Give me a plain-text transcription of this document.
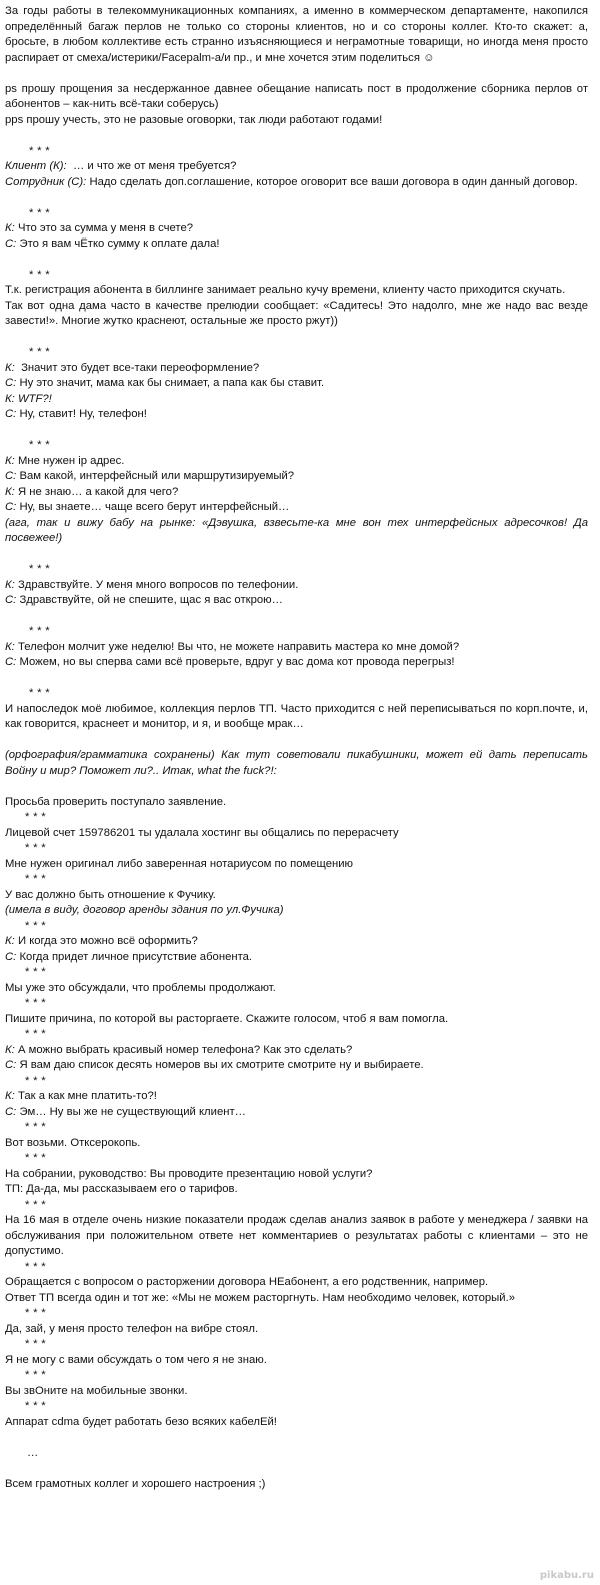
За годы работы в телекоммуникационных компаниях, а именно в коммерческом департаменте, накопился определённый багаж перлов не только со стороны клиентов, но и со стороны коллег. Кто-то скажет: а, бросьте, в любом коллективе есть странно изъясняющиеся и неграмотные товарищи, но иногда меня просто распирает от смеха/истерики/Facepalm-а/и пр., и мне хочется этим поделиться ☺

ps прошу прощения за несдержанное давнее обещание написать пост в продолжение сборника перлов от абонентов – как-нить всё-таки соберусь)

pps прошу учесть, это не разовые оговорки, так люди работают годами!

* * *

Клиент (К): … и что же от меня требуется?

Сотрудник (С): Надо сделать доп.соглашение, которое оговорит все ваши договора в один данный договор.

* * *

К: Что это за сумма у меня в счете?

С: Это я вам чЁтко сумму к оплате дала!

* * *

Т.к. регистрация абонента в биллинге занимает реально кучу времени, клиенту часто приходится скучать.

Так вот одна дама часто в качестве прелюдии сообщает: «Садитесь! Это надолго, мне же надо вас везде завести!». Многие жутко краснеют, остальные же просто ржут))

* * *

К: Значит это будет все-таки переоформление?

С: Ну это значит, мама как бы снимает, а папа как бы ставит.

К: WTF?!

С: Ну, ставит! Ну, телефон!

* * *

К: Мне нужен ip адрес.

С: Вам какой, интерфейсный или маршрутизируемый?

К: Я не знаю… а какой для чего?

С: Ну, вы знаете… чаще всего берут интерфейсный…

(ага, так и вижу бабу на рынке: «Дэвушка, взвесьте-ка мне вон тех интерфейсных адресочков! Да посвежее!)

* * *

К: Здравствуйте. У меня много вопросов по телефонии.

С: Здравствуйте, ой не спешите, щас я вас открою…

* * *

К: Телефон молчит уже неделю! Вы что, не можете направить мастера ко мне домой?

С: Можем, но вы сперва сами всё проверьте, вдруг у вас дома кот провода перегрыз!

* * *

И напоследок моё любимое, коллекция перлов ТП. Часто приходится с ней переписываться по корп.почте, и, как говорится, краснеет и монитор, и я, и вообще мрак…

(орфография/грамматика сохранены) Как тут советовали пикабушники, может ей дать переписать Войну и мир? Поможет ли?.. Итак, what the fuck?!:

Просьба проверить поступало заявление.

* * *

Лицевой счет 159786201 ты удалала хостинг вы общались по перерасчету

* * *

Мне нужен оригинал либо заверенная нотариусом по помещению

* * *

У вас должно быть отношение к Фучику.

(имела в виду, договор аренды здания по ул.Фучика)

* * *

К: И когда это можно всё оформить?

С: Когда придет личное присутствие абонента.

* * *

Мы уже это обсуждали, что проблемы продолжают.

* * *

Пишите причина, по которой вы расторгаете. Скажите голосом, чтоб я вам помогла.

* * *

К: А можно выбрать красивый номер телефона? Как это сделать?

С: Я вам даю список десять номеров вы их смотрите смотрите ну и выбираете.

* * *

К: Так а как мне платить-то?!

С: Эм… Ну вы же не существующий клиент…

* * *

Вот возьми. Отксерокопь.

* * *

На собрании, руководство: Вы проводите презентацию новой услуги?

ТП: Да-да, мы рассказываем его о тарифов.

* * *

На 16 мая в отделе очень низкие показатели продаж сделав анализ заявок в работе у менеджера / заявки на обслуживания при положительном ответе нет комментариев о результатах работы с клиентами – это не допустимо.

* * *

Обращается с вопросом о расторжении договора НЕабонент, а его родственник, например.

Ответ ТП всегда один и тот же: «Мы не можем расторгнуть. Нам необходимо человек, который.»

* * *

Да, зай, у меня просто телефон на вибре стоял.

* * *

Я не могу с вами обсуждать о том чего я не знаю.

* * *

Вы звОните на мобильные звонки.

* * *

Аппарат cdma будет работать безо всяких кабелЕй!

…

Всем грамотных коллег и хорошего настроения ;)

pikabu.ru
